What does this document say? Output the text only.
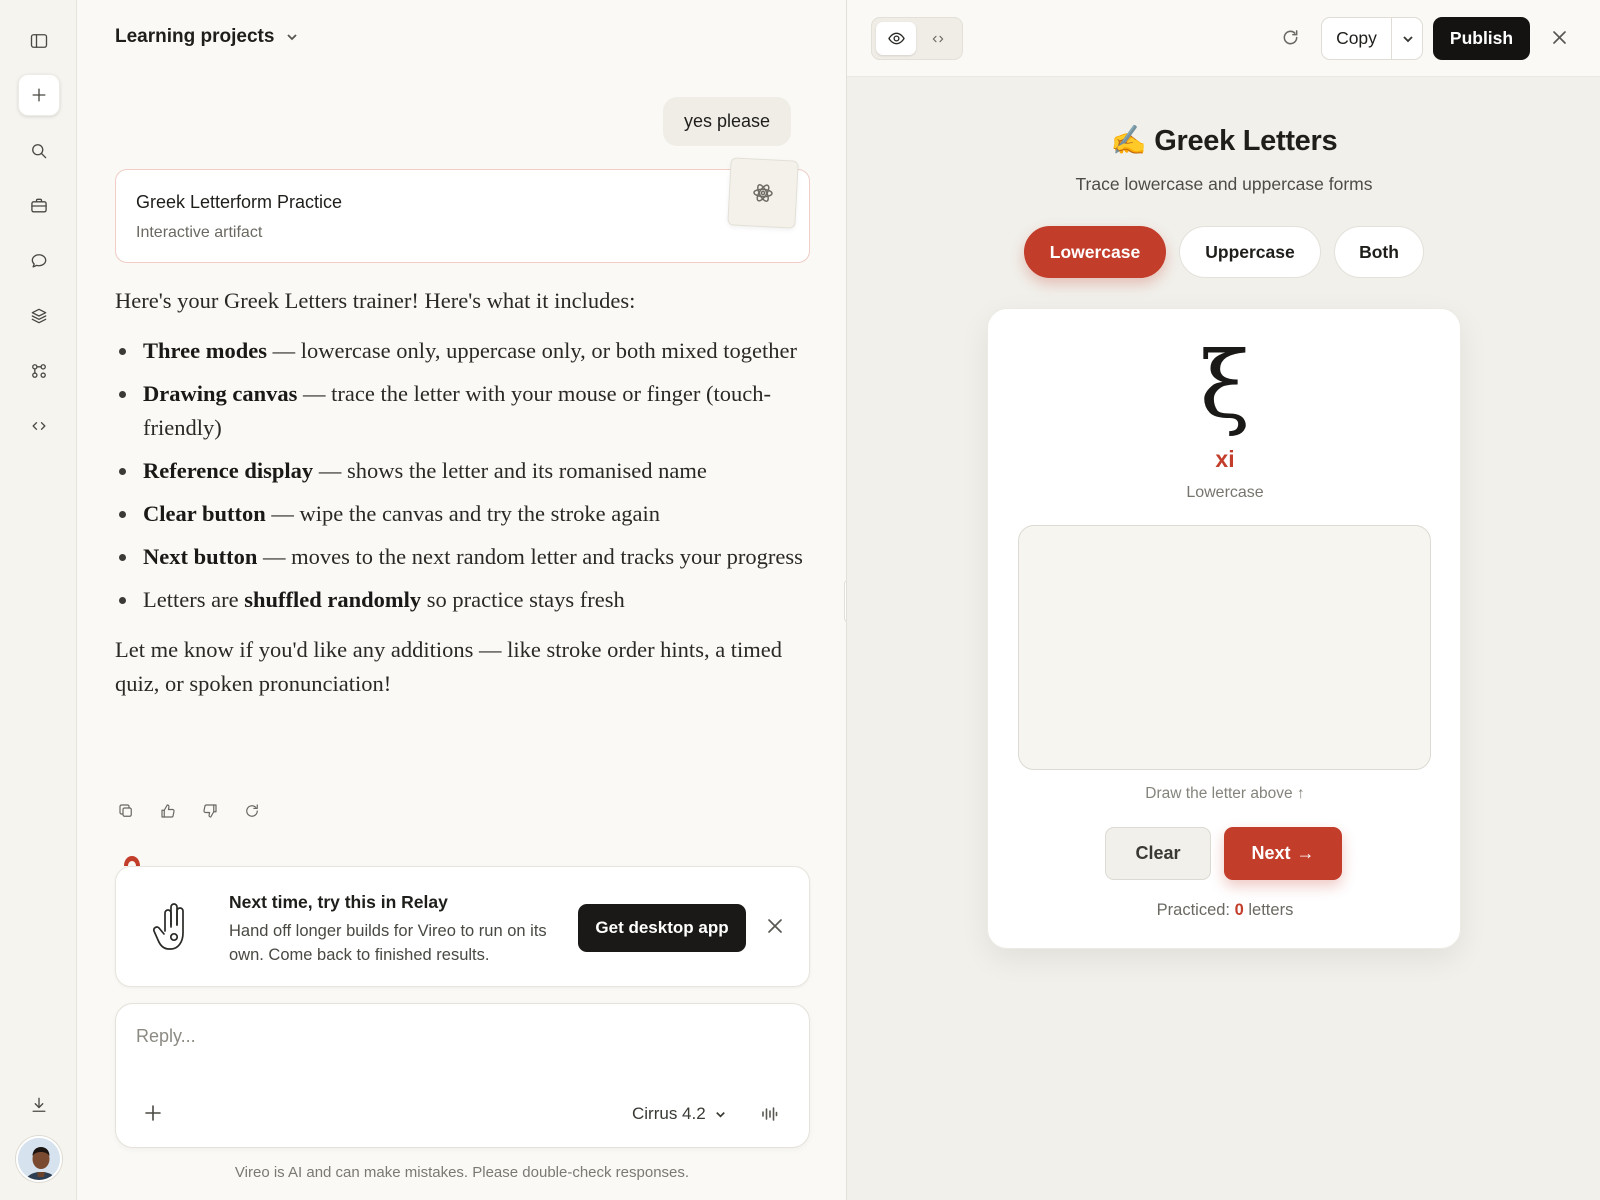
Learning projects
yes please
Greek Letterform Practice
Interactive artifact

Here's your Greek Letters trainer! Here's what it includes:

Three modes — lowercase only, uppercase only, or both mixed together
Drawing canvas — trace the letter with your mouse or finger (touch-friendly)
Reference display — shows the letter and its romanised name
Clear button — wipe the canvas and try the stroke again
Next button — moves to the next random letter and tracks your progress
Letters are shuffled randomly so practice stays fresh

Let me know if you'd like any additions — like stroke order hints, a timed quiz, or spoken pronunciation!

Next time, try this in Relay
Hand off longer builds for Vireo to run on its own. Come back to finished results.
Get desktop app
Reply...
Cirrus 4.2
Vireo is AI and can make mistakes. Please double-check responses.
Copy	Publish
✍️ Greek Letters
Trace lowercase and uppercase forms
Lowercase	Uppercase	Both
ξ
xi
Lowercase
Draw the letter above ↑
Clear	Next →
Practiced: 0 letters
